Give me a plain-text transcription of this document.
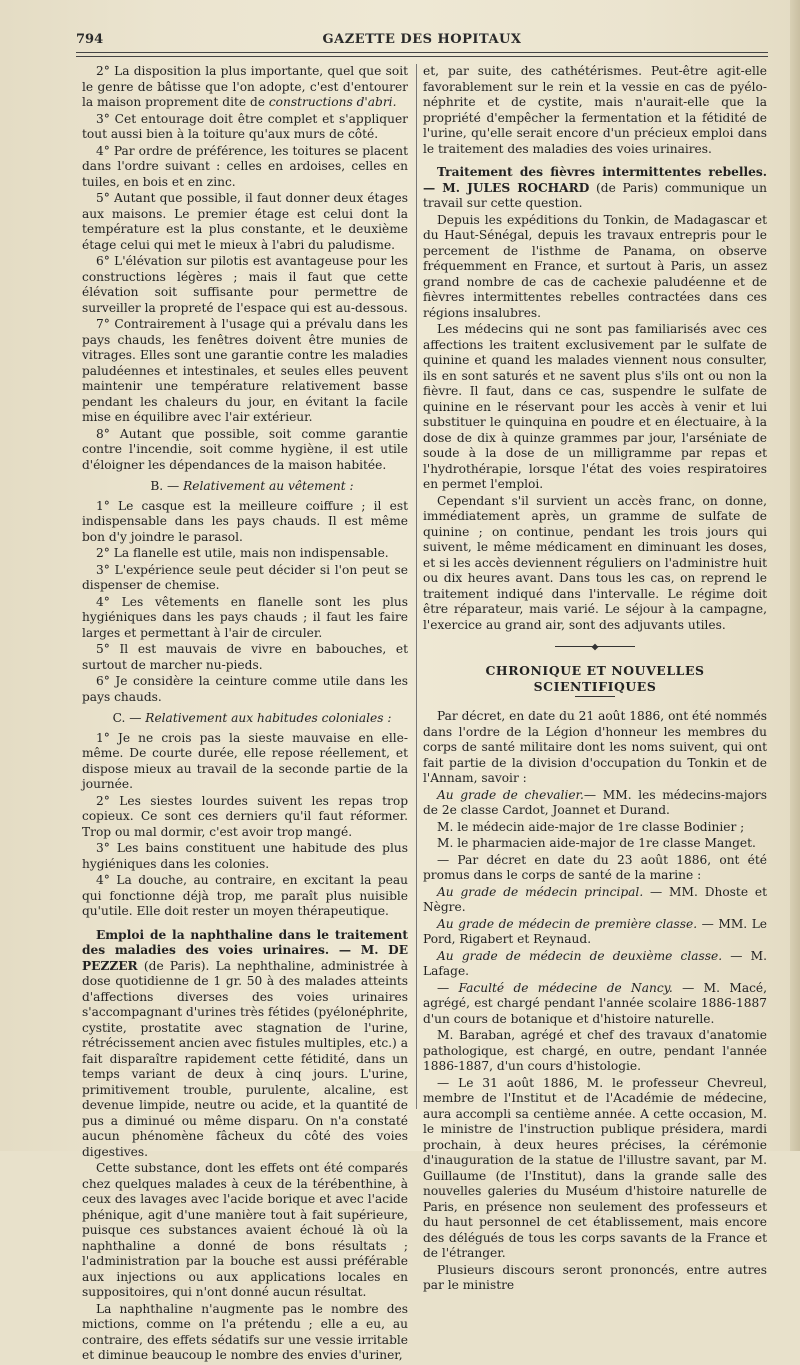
794	GAZETTE DES HOPITAUX

2° La disposition la plus importante, quel que soit le genre de bâtisse que l'on adopte, c'est d'entourer la maison proprement dite de constructions d'abri.

3° Cet entourage doit être complet et s'appliquer tout aussi bien à la toiture qu'aux murs de côté.

4° Par ordre de préférence, les toitures se placent dans l'ordre suivant : celles en ardoises, celles en tuiles, en bois et en zinc.

5° Autant que possible, il faut donner deux étages aux maisons. Le premier étage est celui dont la température est la plus constante, et le deuxième étage celui qui met le mieux à l'abri du paludisme.

6° L'élévation sur pilotis est avantageuse pour les constructions légères ; mais il faut que cette élévation soit suffisante pour permettre de surveiller la propreté de l'espace qui est au-dessous.

7° Contrairement à l'usage qui a prévalu dans les pays chauds, les fenêtres doivent être munies de vitrages. Elles sont une garantie contre les maladies paludéennes et intestinales, et seules elles peuvent maintenir une température relativement basse pendant les chaleurs du jour, en évitant la facile mise en équilibre avec l'air extérieur.

8° Autant que possible, soit comme garantie contre l'incendie, soit comme hygiène, il est utile d'éloigner les dépendances de la maison habitée.

B. — Relativement au vêtement :

1° Le casque est la meilleure coiffure ; il est indispensable dans les pays chauds. Il est même bon d'y joindre le parasol.

2° La flanelle est utile, mais non indispensable.

3° L'expérience seule peut décider si l'on peut se dispenser de chemise.

4° Les vêtements en flanelle sont les plus hygiéniques dans les pays chauds ; il faut les faire larges et permettant à l'air de circuler.

5° Il est mauvais de vivre en babouches, et surtout de marcher nu-pieds.

6° Je considère la ceinture comme utile dans les pays chauds.

C. — Relativement aux habitudes coloniales :

1° Je ne crois pas la sieste mauvaise en elle-même. De courte durée, elle repose réellement, et dispose mieux au travail de la seconde partie de la journée.

2° Les siestes lourdes suivent les repas trop copieux. Ce sont ces derniers qu'il faut réformer. Trop ou mal dormir, c'est avoir trop mangé.

3° Les bains constituent une habitude des plus hygiéniques dans les colonies.

4° La douche, au contraire, en excitant la peau qui fonctionne déjà trop, me paraît plus nuisible qu'utile. Elle doit rester un moyen thérapeutique.

Emploi de la naphthaline dans le traitement des maladies des voies urinaires. — M. DE PEZZER (de Paris). La nephthaline, administrée à dose quotidienne de 1 gr. 50 à des malades atteints d'affections diverses des voies urinaires s'accompagnant d'urines très fétides (pyélonéphrite, cystite, prostatite avec stagnation de l'urine, rétrécissement ancien avec fistules multiples, etc.) a fait disparaître rapidement cette fétidité, dans un temps variant de deux à cinq jours. L'urine, primitivement trouble, purulente, alcaline, est devenue limpide, neutre ou acide, et la quantité de pus a diminué ou même disparu. On n'a constaté aucun phénomène fâcheux du côté des voies digestives.

Cette substance, dont les effets ont été comparés chez quelques malades à ceux de la térébenthine, à ceux des lavages avec l'acide borique et avec l'acide phénique, agit d'une manière tout à fait supérieure, puisque ces substances avaient échoué là où la naphthaline a donné de bons résultats ; l'administration par la bouche est aussi préférable aux injections ou aux applications locales en suppositoires, qui n'ont donné aucun résultat.

La naphthaline n'augmente pas le nombre des mictions, comme on l'a prétendu ; elle a eu, au contraire, des effets sédatifs sur une vessie irritable et diminue beaucoup le nombre des envies d'uriner,

et, par suite, des cathétérismes. Peut-être agit-elle favorablement sur le rein et la vessie en cas de pyélo-néphrite et de cystite, mais n'aurait-elle que la propriété d'empêcher la fermentation et la fétidité de l'urine, qu'elle serait encore d'un précieux emploi dans le traitement des maladies des voies urinaires.

Traitement des fièvres intermittentes rebelles. — M. JULES ROCHARD (de Paris) communique un travail sur cette question.

Depuis les expéditions du Tonkin, de Madagascar et du Haut-Sénégal, depuis les travaux entrepris pour le percement de l'isthme de Panama, on observe fréquemment en France, et surtout à Paris, un assez grand nombre de cas de cachexie paludéenne et de fièvres intermittentes rebelles contractées dans ces régions insalubres.

Les médecins qui ne sont pas familiarisés avec ces affections les traitent exclusivement par le sulfate de quinine et quand les malades viennent nous consulter, ils en sont saturés et ne savent plus s'ils ont ou non la fièvre. Il faut, dans ce cas, suspendre le sulfate de quinine en le réservant pour les accès à venir et lui substituer le quinquina en poudre et en électuaire, à la dose de dix à quinze grammes par jour, l'arséniate de soude à la dose de un milligramme par repas et l'hydrothérapie, lorsque l'état des voies respiratoires en permet l'emploi.

Cependant s'il survient un accès franc, on donne, immédiatement après, un gramme de sulfate de quinine ; on continue, pendant les trois jours qui suivent, le même médicament en diminuant les doses, et si les accès deviennent réguliers on l'administre huit ou dix heures avant. Dans tous les cas, on reprend le traitement indiqué dans l'intervalle. Le régime doit être réparateur, mais varié. Le séjour à la campagne, l'exercice au grand air, sont des adjuvants utiles.

CHRONIQUE ET NOUVELLES SCIENTIFIQUES

Par décret, en date du 21 août 1886, ont été nommés dans l'ordre de la Légion d'honneur les membres du corps de santé militaire dont les noms suivent, qui ont fait partie de la division d'occupation du Tonkin et de l'Annam, savoir :

Au grade de chevalier.— MM. les médecins-majors de 2e classe Cardot, Joannet et Durand.

M. le médecin aide-major de 1re classe Bodinier ;

M. le pharmacien aide-major de 1re classe Manget.

— Par décret en date du 23 août 1886, ont été promus dans le corps de santé de la marine :

Au grade de médecin principal. — MM. Dhoste et Nègre.

Au grade de médecin de première classe. — MM. Le Pord, Rigabert et Reynaud.

Au grade de médecin de deuxième classe. — M. Lafage.

— Faculté de médecine de Nancy. — M. Macé, agrégé, est chargé pendant l'année scolaire 1886-1887 d'un cours de botanique et d'histoire naturelle.

M. Baraban, agrégé et chef des travaux d'anatomie pathologique, est chargé, en outre, pendant l'année 1886-1887, d'un cours d'histologie.

— Le 31 août 1886, M. le professeur Chevreul, membre de l'Institut et de l'Académie de médecine, aura accompli sa centième année. A cette occasion, M. le ministre de l'instruction publique présidera, mardi prochain, à deux heures précises, la cérémonie d'inauguration de la statue de l'illustre savant, par M. Guillaume (de l'Institut), dans la grande salle des nouvelles galeries du Muséum d'histoire naturelle de Paris, en présence non seulement des professeurs et du haut personnel de cet établissement, mais encore des délégués de tous les corps savants de la France et de l'étranger.

Plusieurs discours seront prononcés, entre autres par le ministre
